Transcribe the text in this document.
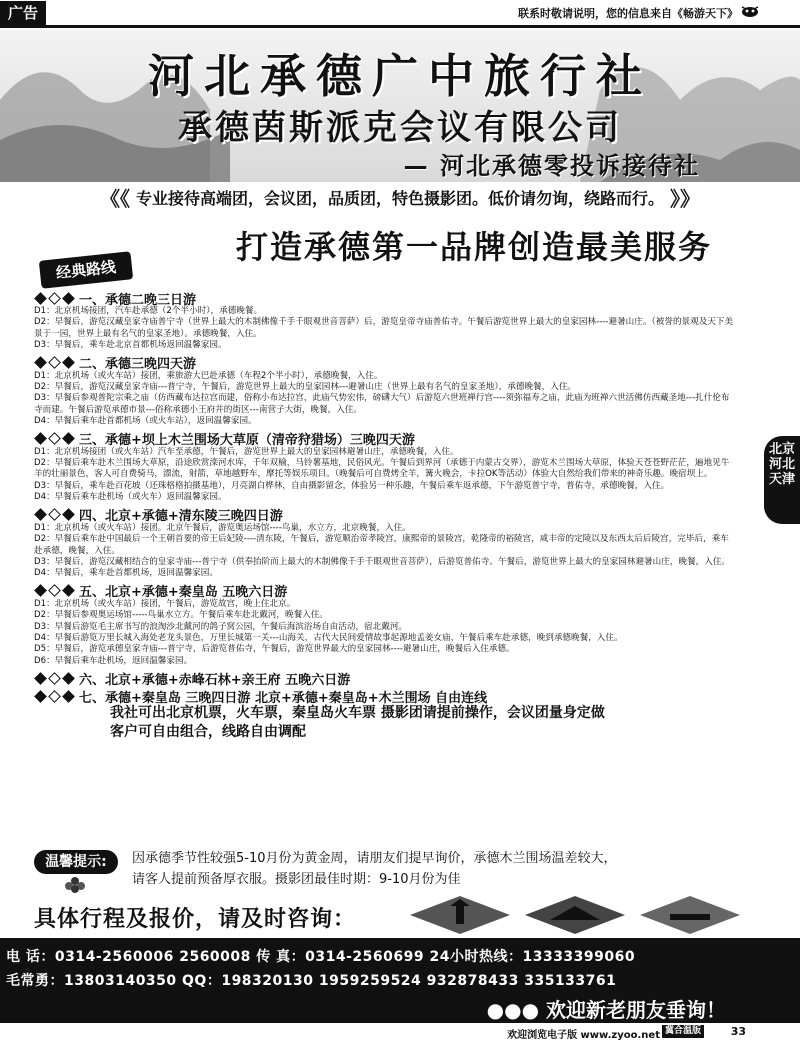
广告	联系时敬请说明，您的信息来自《畅游天下》
河北承德广中旅行社
承德茵斯派克会议有限公司
— 河北承德零投诉接待社
《《 专业接待高端团，会议团，品质团，特色摄影团。低价请勿询，绕路而行。 》》
打造承德第一品牌创造最美服务
经典路线
北京河北天津
一、承德二晚三日游
D1：北京机场接团，汽车赴承德（2个半小时），承德晚餐。
D2：早餐后，游览汉藏皇家寺庙普宁寺（世界上最大的木制佛像千手千眼观世音菩萨）后，游览皇帝寺庙普佑寺。午餐后游览世界上最大的皇家园林----避暑山庄。（被誉的景观及天下美景于一园，世界上最有名气的皇家圣地）。承德晚餐，入住。
D3：早餐后，乘车赴北京首都机场返回温馨家园。
二、承德三晚四天游
D1：北京机场（或火车站）接团，乘旅游大巴赴承德（车程2个半小时），承德晚餐，入住。
D2：早餐后，游览汉藏皇家寺庙---普宁寺，午餐后，游览世界上最大的皇家园林---避暑山庄（世界上最有名气的皇家圣地），承德晚餐，入住。
D3：早餐后参观普陀宗乘之庙（仿西藏布达拉宫而建，俗称小布达拉宫，此庙气势宏伟，磅礴大气）后游览六世班禅行宫----须弥福寿之庙，此庙为班禅六世活佛仿西藏圣地---扎什伦布寺而建。午餐后游览承德市景---俗称承德小王府井的街区---南营子大街，晚餐，入住。
D4：早餐后乘车赴首都机场（或火车站），返回温馨家园。
三、承德+坝上木兰围场大草原（清帝狩猎场）三晚四天游
D1：北京机场接团（或火车站）汽车至承德，午餐后，游览世界上最大的皇家园林避暑山庄，承德晚餐，入住。
D2：早餐后乘车赴木兰围场大草原，沿途欣赏滦河水库，千年双榆，马铃薯基地，民俗风光。午餐后到界河（承德于内蒙古交界），游览木兰围场大草原，体验天苍苍野茫茫，遍地见牛羊的壮丽景色，客人可自费骑马，漂流，射箭，草地越野车，摩托等娱乐项目。（晚餐后可自费烤全羊，篝火晚会，卡拉OK等活动）体验大自然给我们带来的神奇乐趣。晚宿坝上。
D3：早餐后，乘车赴百花坡（还珠格格拍摄基地），月亮湖白桦林，自由摄影留念，体验另一种乐趣，午餐后乘车返承德，下午游览普宁寺，普佑寺，承德晚餐，入住。
D4：早餐后乘车赴机场（或火车）返回温馨家园。
四、北京+承德+清东陵三晚四日游
D1：北京机场（或火车站）接团。北京午餐后，游览奥运场馆----鸟巢，水立方，北京晚餐，入住。
D2：早餐后乘车赴中国最后一个王朝首要的帝王后妃陵----清东陵，午餐后，游览顺治帝孝陵宫，康熙帝的景陵宫，乾隆帝的裕陵宫，咸丰帝的定陵以及东西太后后陵宫，完毕后，乘车赴承德，晚餐，入住。
D3：早餐后，游览汉藏相结合的皇家寺庙---普宁寺（供奉抬阶而上最大的木制佛像千手千眼观世音菩萨），后游览普佑寺。午餐后，游览世界上最大的皇家园林避暑山庄，晚餐，入住。
D4：早餐后，乘车赴首都机场，返回温馨家园。
五、北京+承德+秦皇岛 五晚六日游
D1：北京机场（或火车站）接团，午餐后，游览故宫，晚上住北京。
D2：早餐后参观奥运场馆-----鸟巢水立方。午餐后乘车赴北戴河，晚餐入住。
D3：早餐后游览毛主席书写的浪淘沙北戴河的鸽子窝公园，午餐后海滨浴场自由活动，宿北戴河。
D4：早餐后游览万里长城入海处老龙头景色，万里长城第一关---山海关，古代大民间爱情故事起源地孟姜女庙，午餐后乘车赴承德，晚到承德晚餐，入住。
D5：早餐后，游览承德皇家寺庙---普宁寺，后游览普佑寺，午餐后，游览世界最大的皇家园林----避暑山庄，晚餐后入住承德。
D6：早餐后乘车赴机场，返回温馨家园。
六、北京+承德+赤峰石林+亲王府 五晚六日游
七、承德+秦皇岛 三晚四日游 北京+承德+秦皇岛+木兰围场 自由连线
我社可出北京机票，火车票，秦皇岛火车票 摄影团请提前操作，会议团量身定做
客户可自由组合，线路自由调配
温馨提示:	因承德季节性较强5-10月份为黄金周，请朋友们提早询价，承德木兰围场温差较大，
请客人提前预备厚衣服。摄影团最佳时期：9-10月份为佳
具体行程及报价，请及时咨询：
电 话：0314-2560006 2560008 传 真：0314-2560699 24小时热线：13333399060
毛常勇：13803140350 QQ：198320130 1959259524 932878433 335133761
●●● 欢迎新老朋友垂询！
欢迎浏览电子版 www.zyoo.net 冀合温版	33
